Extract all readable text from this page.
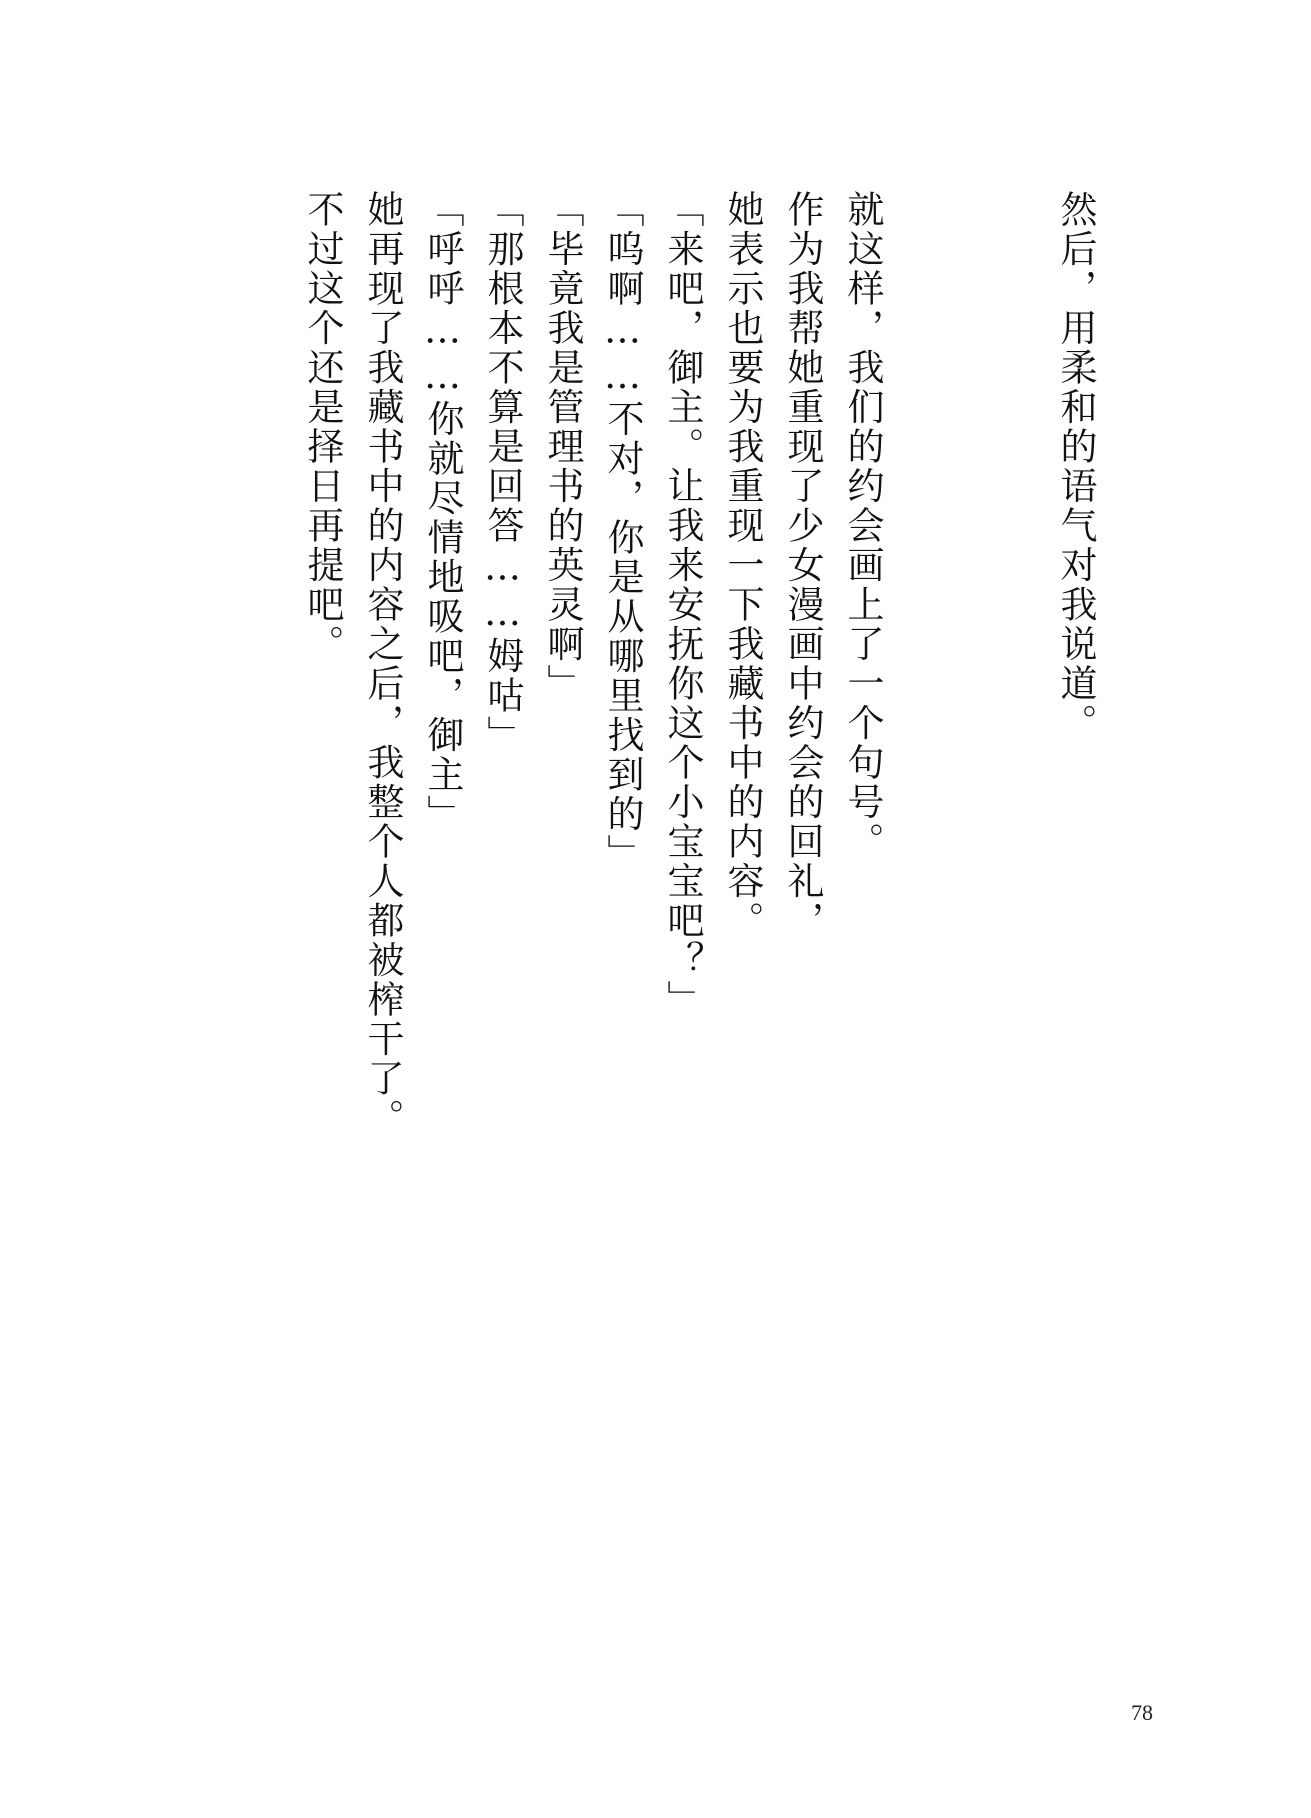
然后，用柔和的语气对我说道。
就这样，我们的约会画上了一个句号。
作为我帮她重现了少女漫画中约会的回礼，
她表示也要为我重现一下我藏书中的内容。
「来吧，御主。让我来安抚你这个小宝宝吧？」
「呜啊……不对，你是从哪里找到的」
「毕竟我是管理书的英灵啊」
「那根本不算是回答……姆咕」
「呼呼……你就尽情地吸吧，御主」
她再现了我藏书中的内容之后，我整个人都被榨干了。
不过这个还是择日再提吧。
78
